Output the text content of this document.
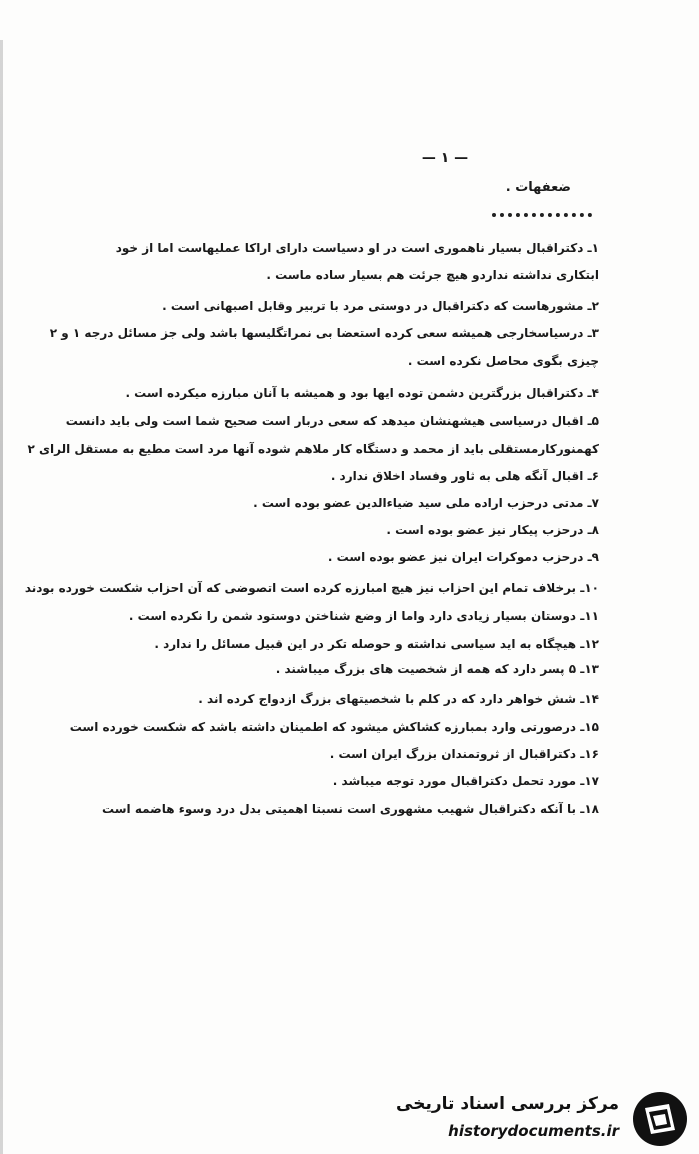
— ۱ —
ضعفهات .
۱ـ دکتراقبال بسیار ناهموری است در او دسیاست دارای اراکا عملیهاست اما از خود
ابتکاری نداشته نداردو هیچ جرئت هم بسیار ساده ماست .
۲ـ مشورهاست که دکتراقبال در دوستی مرد با تربیر وقابل اصبهانی است .
۳ـ درسیاسخارجی همیشه سعی کرده استعضا بی نمراتگلیسها باشد ولی جز مسائل درجه ۱ و ۲
چیزی بگوی محاصل نکرده است .
۴ـ دکتراقبال بزرگترین دشمن توده ایها بود و همیشه با آنان مبارزه میکرده است .
۵ـ اقبال درسیاسی هیشهنشان میدهد که سعی دربار است صحیح شما است ولی باید دانست
کهمنورکارمستقلی باید از محمد و دستگاه کار ملاهم شوده آنها مرد است مطیع به مستقل الرای ۲
۶ـ اقبال آنگه هلی به ثاور وفساد اخلاق ندارد .
۷ـ مدتی درحزب اراده ملی سید ضیاءالدین عضو بوده است .
۸ـ درحزب پیکار نیز عضو بوده است .
۹ـ درحزب دموکرات ایران نیز عضو بوده است .
۱۰ـ برخلاف تمام این احزاب نیز هیچ امبارزه کرده است اتصوضی که آن احزاب شکست خورده بودند
۱۱ـ دوستان بسیار زیادی دارد واما از وضع شناختن دوستود شمن را نکرده است .
۱۲ـ هیچگاه به اید سیاسی نداشته و حوصله تکر در این قبیل مسائل را ندارد .
۱۳ـ ۵ پسر دارد که همه از شخصیت های بزرگ میباشند .
۱۴ـ شش خواهر دارد که در کلم با شخصیتهای بزرگ ازدواج کرده اند .
۱۵ـ درصورتی وارد بمبارزه کشاکش میشود که اطمینان داشته باشد که شکست خورده است
۱۶ـ دکتراقبال از ثروتمندان بزرگ ایران است .
۱۷ـ مورد تحمل دکتراقبال مورد توجه میباشد .
۱۸ـ با آنکه دکتراقبال شهیب مشهوری است نسبتا اهمیتی بدل درد وسوء هاضمه است
مرکز بررسی اسناد تاریخی
historydocuments.ir
